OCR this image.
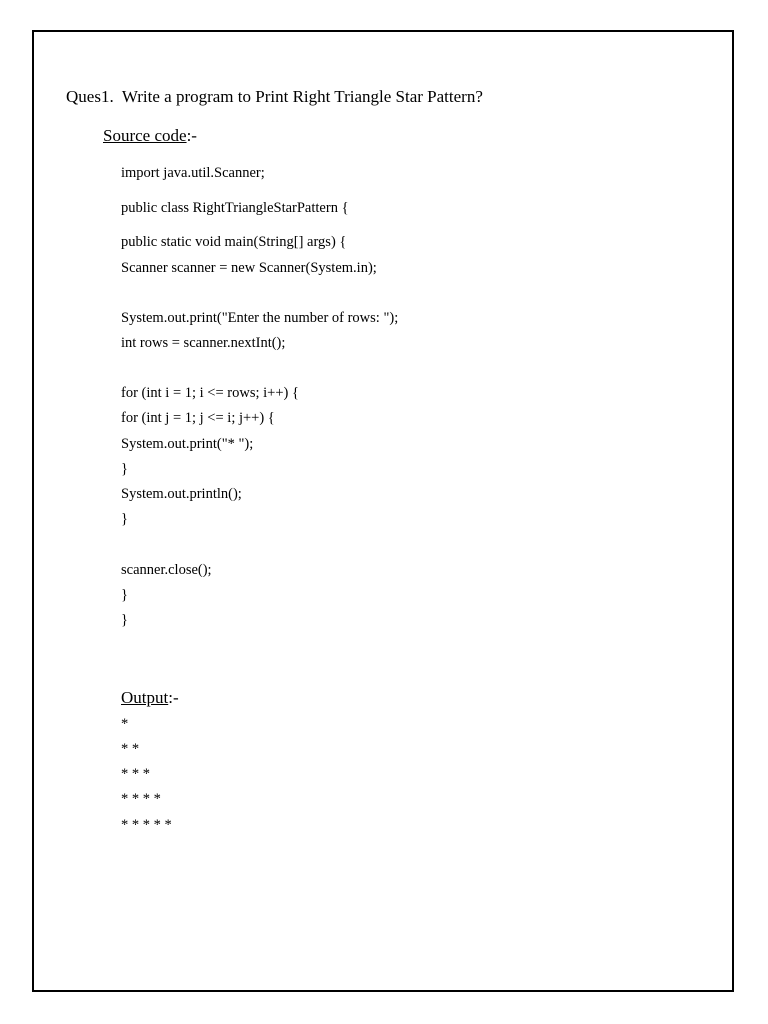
Ques1.  Write a program to Print Right Triangle Star Pattern?
Source code:-
import java.util.Scanner;
public class RightTriangleStarPattern {
public static void main(String[] args) {
Scanner scanner = new Scanner(System.in);
System.out.print("Enter the number of rows: ");
int rows = scanner.nextInt();
for (int i = 1; i <= rows; i++) {
for (int j = 1; j <= i; j++) {
System.out.print("* ");
}
System.out.println();
}
scanner.close();
}
}
Output:-
*
* *
* * *
* * * *
* * * * *
